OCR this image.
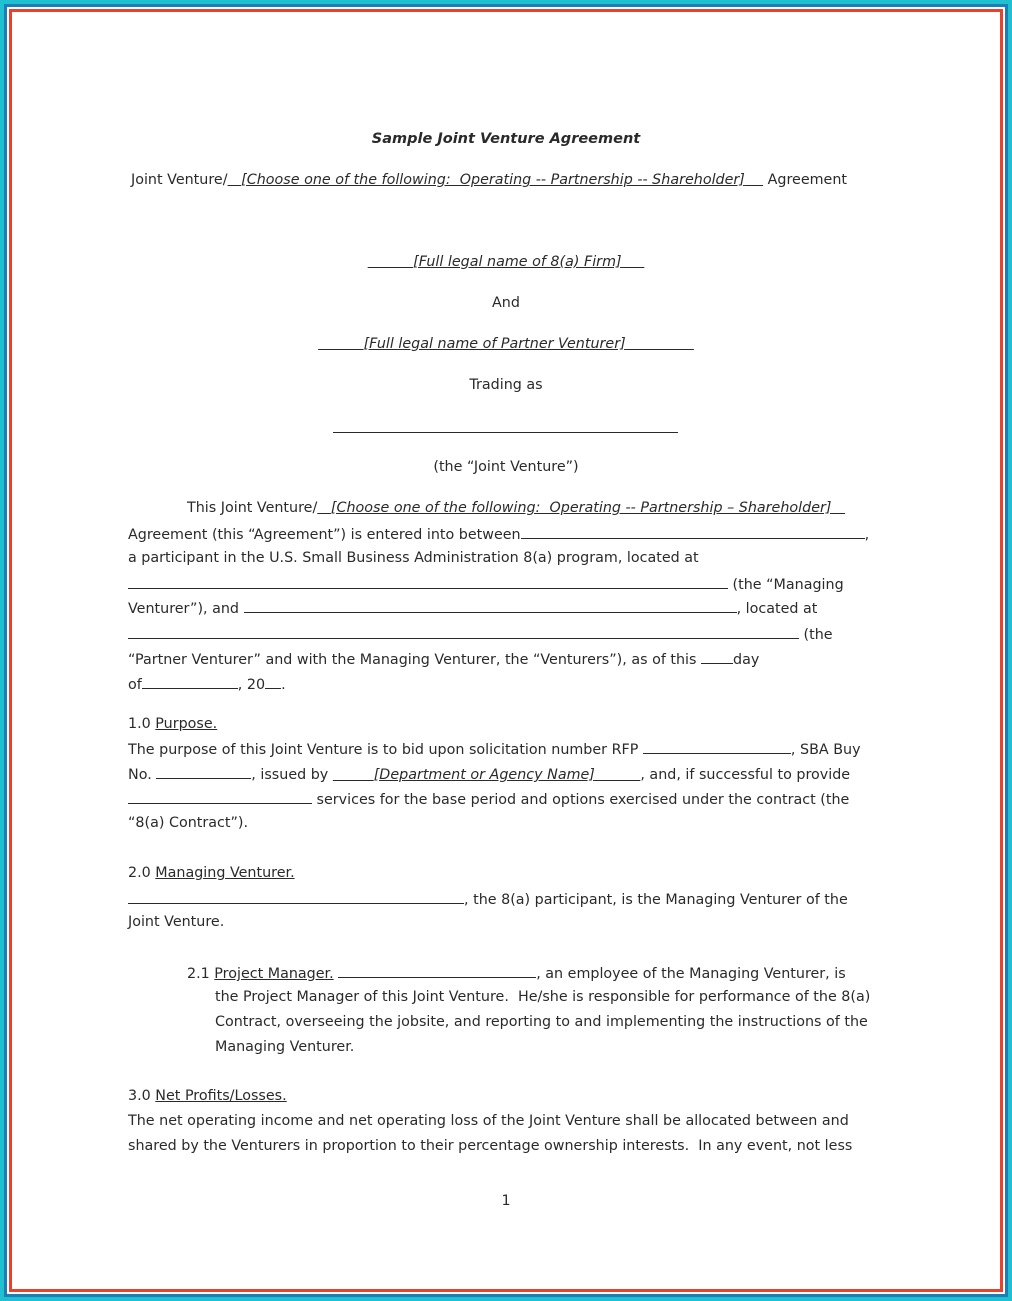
Sample Joint Venture Agreement
Joint Venture/ [Choose one of the following:  Operating -- Partnership -- Shareholder] Agreement
[Full legal name of 8(a) Firm]
And
[Full legal name of Partner Venturer]
Trading as
(the “Joint Venture”)
This Joint Venture/ [Choose one of the following:  Operating -- Partnership – Shareholder]
Agreement (this “Agreement”) is entered into between	,
a participant in the U.S. Small Business Administration 8(a) program, located at
(the “Managing
Venturer”), and	, located at
(the
“Partner Venturer” and with the Managing Venturer, the “Venturers”), as of this	day
of	, 20 .
1.0 Purpose.
The purpose of this Joint Venture is to bid upon solicitation number RFP	, SBA Buy
No.	, issued by	[Department or Agency Name]	, and, if successful to provide
services for the base period and options exercised under the contract (the
“8(a) Contract”).
2.0 Managing Venturer.
, the 8(a) participant, is the Managing Venturer of the
Joint Venture.
2.1 Project Manager.	, an employee of the Managing Venturer, is
the Project Manager of this Joint Venture.  He/she is responsible for performance of the 8(a)
Contract, overseeing the jobsite, and reporting to and implementing the instructions of the
Managing Venturer.
3.0 Net Profits/Losses.
The net operating income and net operating loss of the Joint Venture shall be allocated between and
shared by the Venturers in proportion to their percentage ownership interests.  In any event, not less
1
